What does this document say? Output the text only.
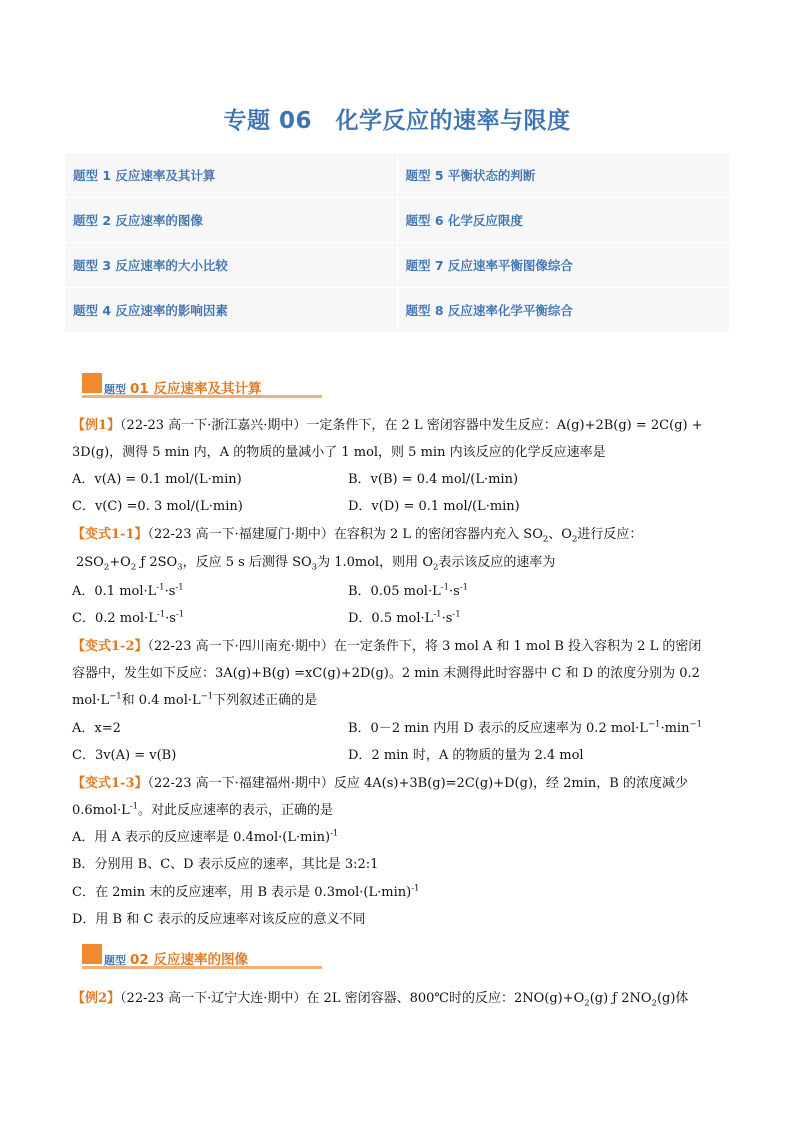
专题 06　化学反应的速率与限度
题型 1 反应速率及其计算	题型 5 平衡状态的判断
题型 2 反应速率的图像	题型 6 化学反应限度
题型 3 反应速率的大小比较	题型 7 反应速率平衡图像综合
题型 4 反应速率的影响因素	题型 8 反应速率化学平衡综合
题型 01 反应速率及其计算
【例1】（22-23 高一下·浙江嘉兴·期中）一定条件下，在 2 L 密闭容器中发生反应：A(g)+2B(g) = 2C(g) +
3D(g)，测得 5 min 内，A 的物质的量减小了 1 mol，则 5 min 内该反应的化学反应速率是
A．v(A) = 0.1 mol/(L·min)	B．v(B) = 0.4 mol/(L·min)
C．v(C) =0. 3 mol/(L·min)	D．v(D) = 0.1 mol/(L·min)
【变式1-1】（22-23 高一下·福建厦门·期中）在容积为 2 L 的密闭容器内充入 $SO_2$、$O_2$进行反应：
$2SO_2+O_2$ ƒ $2SO_3$，反应 5 s 后测得 $SO_3$为 1.0mol，则用 $O_2$表示该反应的速率为
A．0.1 $mol\cdot L^{-1}\cdot s^{-1}$	B．0.05 $mol\cdot L^{-1}\cdot s^{-1}$
C．0.2 $mol\cdot L^{-1}\cdot s^{-1}$	D．0.5 $mol\cdot L^{-1}\cdot s^{-1}$
【变式1-2】（22-23 高一下·四川南充·期中）在一定条件下，将 3 mol A 和 1 mol B 投入容积为 2 L 的密闭
容器中，发生如下反应：3A(g)+B(g) =xC(g)+2D(g)。2 min 末测得此时容器中 C 和 D 的浓度分别为 0.2
$mol\cdot L^{-1}$和 0.4 $mol\cdot L^{-1}$下列叙述正确的是
A．x=2	B．0－2 min 内用 D 表示的反应速率为 0.2 $mol\cdot L^{-1}\cdot\min^{-1}$
C．3v(A) = v(B)	D．2 min 时，A 的物质的量为 2.4 mol
【变式1-3】（22-23 高一下·福建福州·期中）反应 4A(s)+3B(g)=2C(g)+D(g)，经 2min，B 的浓度减少
$0.6mol\cdot L^{-1}$。对此反应速率的表示，正确的是
A．用 A 表示的反应速率是 $0.4mol\cdot(L\cdot\min)^{-1}$
B．分别用 B、C、D 表示反应的速率，其比是 3:2:1
C．在 2min 末的反应速率，用 B 表示是 $0.3mol\cdot(L\cdot\min)^{-1}$
D．用 B 和 C 表示的反应速率对该反应的意义不同
题型 02 反应速率的图像
【例2】（22-23 高一下·辽宁大连·期中）在 2L 密闭容器、800℃时的反应：$2NO(g)+O_2(g)$ ƒ $2NO_2(g)$体
